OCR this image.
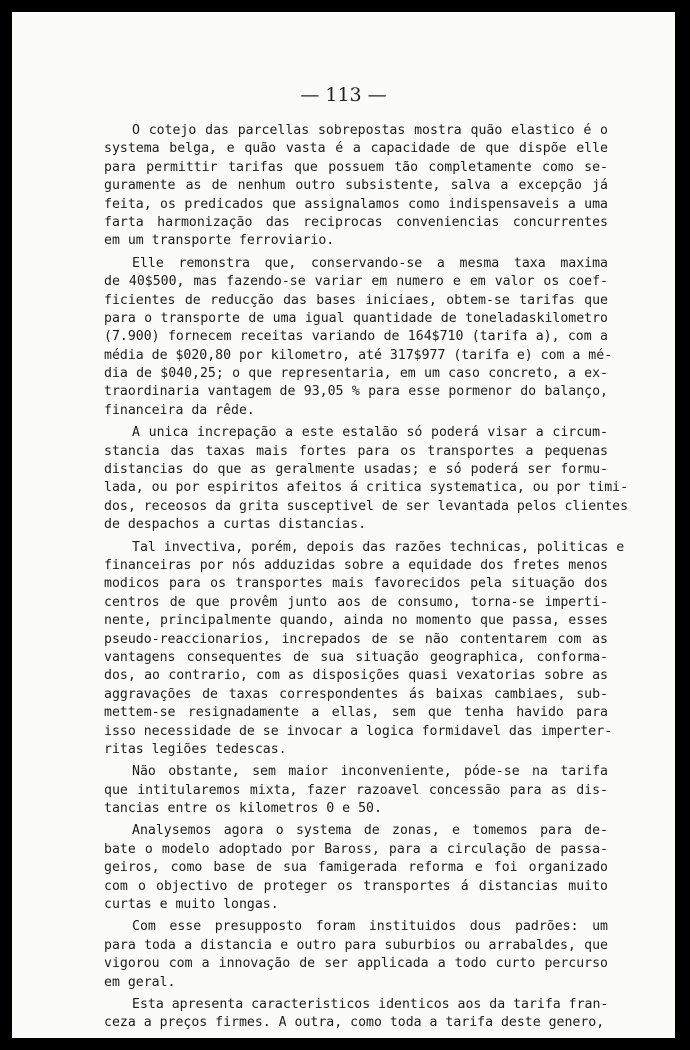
— 113 —
O cotejo das parcellas sobrepostas mostra quão elastico é o
systema belga, e quão vasta é a capacidade de que dispõe elle
para permittir tarifas que possuem tão completamente como se-
guramente as de nenhum outro subsistente, salva a excepção já
feita, os predicados que assignalamos como indispensaveis a uma
farta harmonização das reciprocas conveniencias concurrentes
em um transporte ferroviario.
Elle remonstra que, conservando-se a mesma taxa maxima
de 40$500, mas fazendo-se variar em numero e em valor os coef-
ficientes de reducção das bases iniciaes, obtem-se tarifas que
para o transporte de uma igual quantidade de toneladaskilometro
(7.900) fornecem receitas variando de 164$710 (tarifa a), com a
média de $020,80 por kilometro, até 317$977 (tarifa e) com a mé-
dia de $040,25; o que representaria, em um caso concreto, a ex-
traordinaria vantagem de 93,05 % para esse pormenor do balanço,
financeira da rêde.
A unica increpação a este estalão só poderá visar a circum-
stancia das taxas mais fortes para os transportes a pequenas
distancias do que as geralmente usadas; e só poderá ser formu-
lada, ou por espiritos afeitos á critica systematica, ou por timi-
dos, receosos da grita susceptivel de ser levantada pelos clientes
de despachos a curtas distancias.
Tal invectiva, porém, depois das razões technicas, politicas e
financeiras por nós adduzidas sobre a equidade dos fretes menos
modicos para os transportes mais favorecidos pela situação dos
centros de que provêm junto aos de consumo, torna-se imperti-
nente, principalmente quando, ainda no momento que passa, esses
pseudo-reaccionarios, increpados de se não contentarem com as
vantagens consequentes de sua situação geographica, conforma-
dos, ao contrario, com as disposições quasi vexatorias sobre as
aggravações de taxas correspondentes ás baixas cambiaes, sub-
mettem-se resignadamente a ellas, sem que tenha havido para
isso necessidade de se invocar a logica formidavel das imperter-
ritas legiões tedescas.
Não obstante, sem maior inconveniente, póde-se na tarifa
que intitularemos mixta, fazer razoavel concessão para as dis-
tancias entre os kilometros 0 e 50.
Analysemos agora o systema de zonas, e tomemos para de-
bate o modelo adoptado por Baross, para a circulação de passa-
geiros, como base de sua famigerada reforma e foi organizado
com o objectivo de proteger os transportes á distancias muito
curtas e muito longas.
Com esse presupposto foram instituidos dous padrões: um
para toda a distancia e outro para suburbios ou arrabaldes, que
vigorou com a innovação de ser applicada a todo curto percurso
em geral.
Esta apresenta caracteristicos identicos aos da tarifa fran-
ceza a preços firmes. A outra, como toda a tarifa deste genero,
